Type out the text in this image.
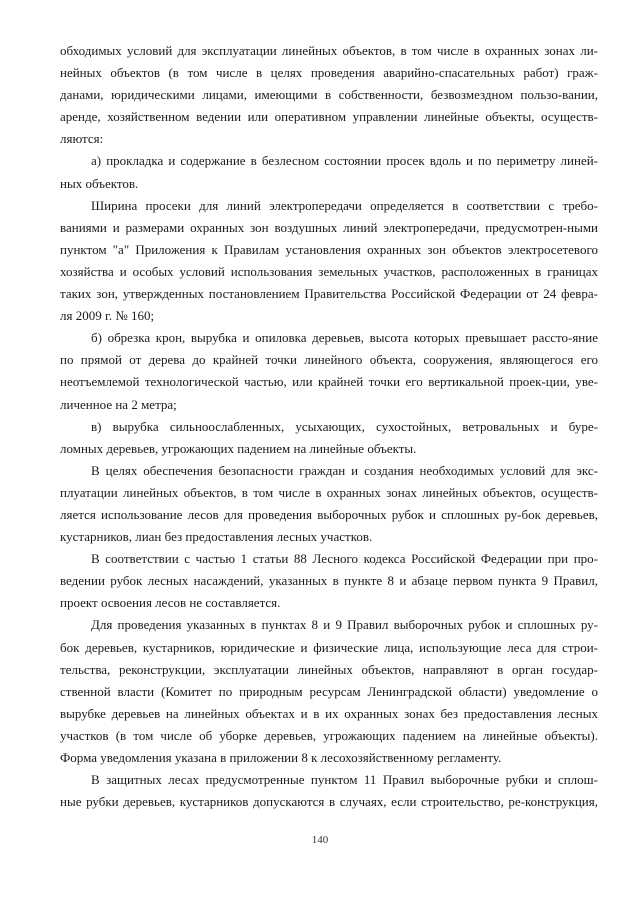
обходимых условий для эксплуатации линейных объектов, в том числе в охранных зонах ли-
нейных объектов (в том числе в целях проведения аварийно-спасательных работ) граж-
данами, юридическими лицами, имеющими в собственности, безвозмездном пользо-вании,
аренде, хозяйственном ведении или оперативном управлении линейные объекты, осуществ-
ляются:
а) прокладка и содержание в безлесном состоянии просек вдоль и по периметру линей-
ных объектов.
Ширина просеки для линий электропередачи определяется в соответствии с требо-
ваниями и размерами охранных зон воздушных линий электропередачи, предусмотрен-ными
пунктом "а" Приложения к Правилам установления охранных зон объектов электросетевого
хозяйства и особых условий использования земельных участков, расположенных в границах
таких зон, утвержденных постановлением Правительства Российской Федерации от 24 февра-
ля 2009 г. № 160;
б) обрезка крон, вырубка и опиловка деревьев, высота которых превышает рассто-яние
по прямой от дерева до крайней точки линейного объекта, сооружения, являющегося его
неотъемлемой технологической частью, или крайней точки его вертикальной проек-ции, уве-
личенное на 2 метра;
в) вырубка сильноослабленных, усыхающих, сухостойных, ветровальных и буре-
ломных деревьев, угрожающих падением на линейные объекты.
В целях обеспечения безопасности граждан и создания необходимых условий для экс-
плуатации линейных объектов, в том числе в охранных зонах линейных объектов, осуществ-
ляется использование лесов для проведения выборочных рубок и сплошных ру-бок деревьев,
кустарников, лиан без предоставления лесных участков.
В соответствии с частью 1 статьи 88 Лесного кодекса Российской Федерации при про-
ведении рубок лесных насаждений, указанных в пункте 8 и абзаце первом пункта 9 Правил,
проект освоения лесов не составляется.
Для проведения указанных в пунктах 8 и 9 Правил выборочных рубок и сплошных ру-
бок деревьев, кустарников, юридические и физические лица, использующие леса для строи-
тельства, реконструкции, эксплуатации линейных объектов, направляют в орган государ-
ственной власти (Комитет по природным ресурсам Ленинградской области) уведомление о
вырубке деревьев на линейных объектах и в их охранных зонах без предоставления лесных
участков (в том числе об уборке деревьев, угрожающих падением на линейные объекты).
Форма уведомления указана в приложении 8 к лесохозяйственному регламенту.
В защитных лесах предусмотренные пунктом 11 Правил выборочные рубки и сплош-
ные рубки деревьев, кустарников допускаются в случаях, если строительство, ре-конструкция,
140
